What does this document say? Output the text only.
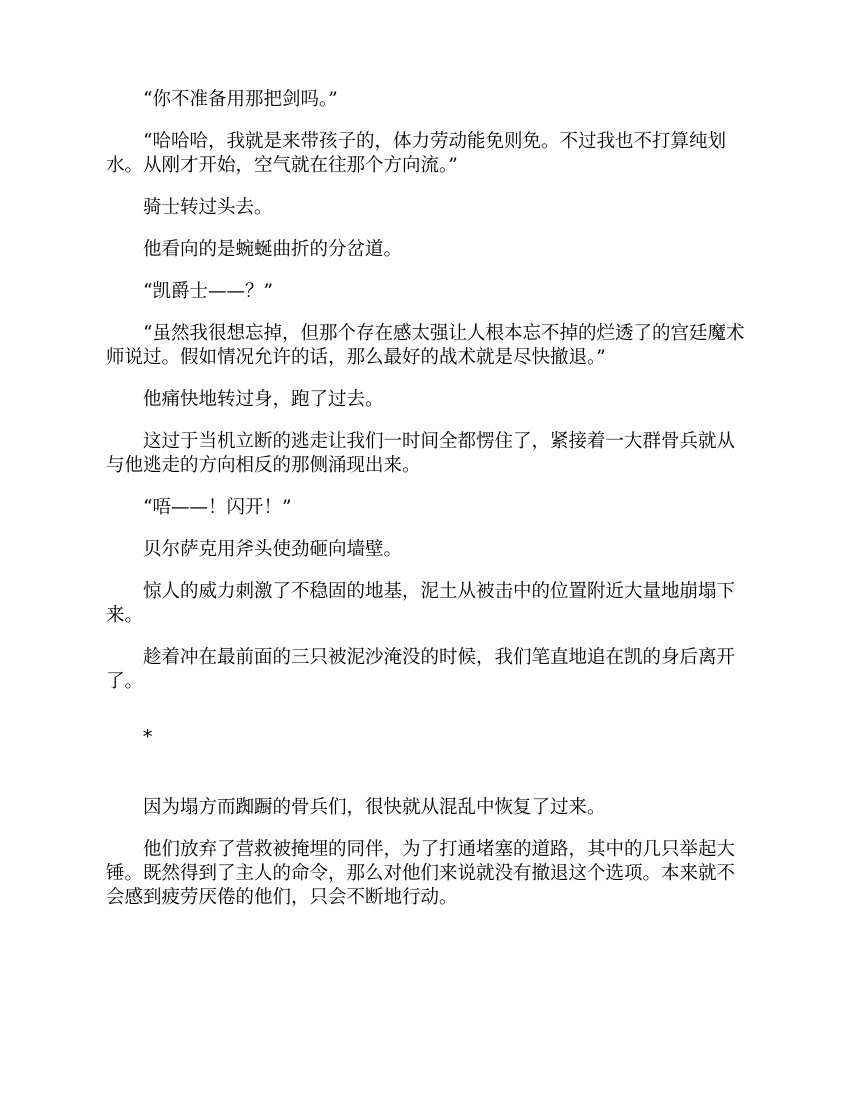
“你不准备用那把剑吗。”

“哈哈哈，我就是来带孩子的，体力劳动能免则免。不过我也不打算纯划水。从刚才开始，空气就在往那个方向流。”

骑士转过头去。

他看向的是蜿蜒曲折的分岔道。

“凯爵士——？”

“虽然我很想忘掉，但那个存在感太强让人根本忘不掉的烂透了的宫廷魔术师说过。假如情况允许的话，那么最好的战术就是尽快撤退。”

他痛快地转过身，跑了过去。

这过于当机立断的逃走让我们一时间全都愣住了，紧接着一大群骨兵就从与他逃走的方向相反的那侧涌现出来。

“唔——！闪开！”

贝尔萨克用斧头使劲砸向墙壁。

惊人的威力刺激了不稳固的地基，泥土从被击中的位置附近大量地崩塌下来。

趁着冲在最前面的三只被泥沙淹没的时候，我们笔直地追在凯的身后离开了。

*

因为塌方而踟蹰的骨兵们，很快就从混乱中恢复了过来。

他们放弃了营救被掩埋的同伴，为了打通堵塞的道路，其中的几只举起大锤。既然得到了主人的命令，那么对他们来说就没有撤退这个选项。本来就不会感到疲劳厌倦的他们，只会不断地行动。
